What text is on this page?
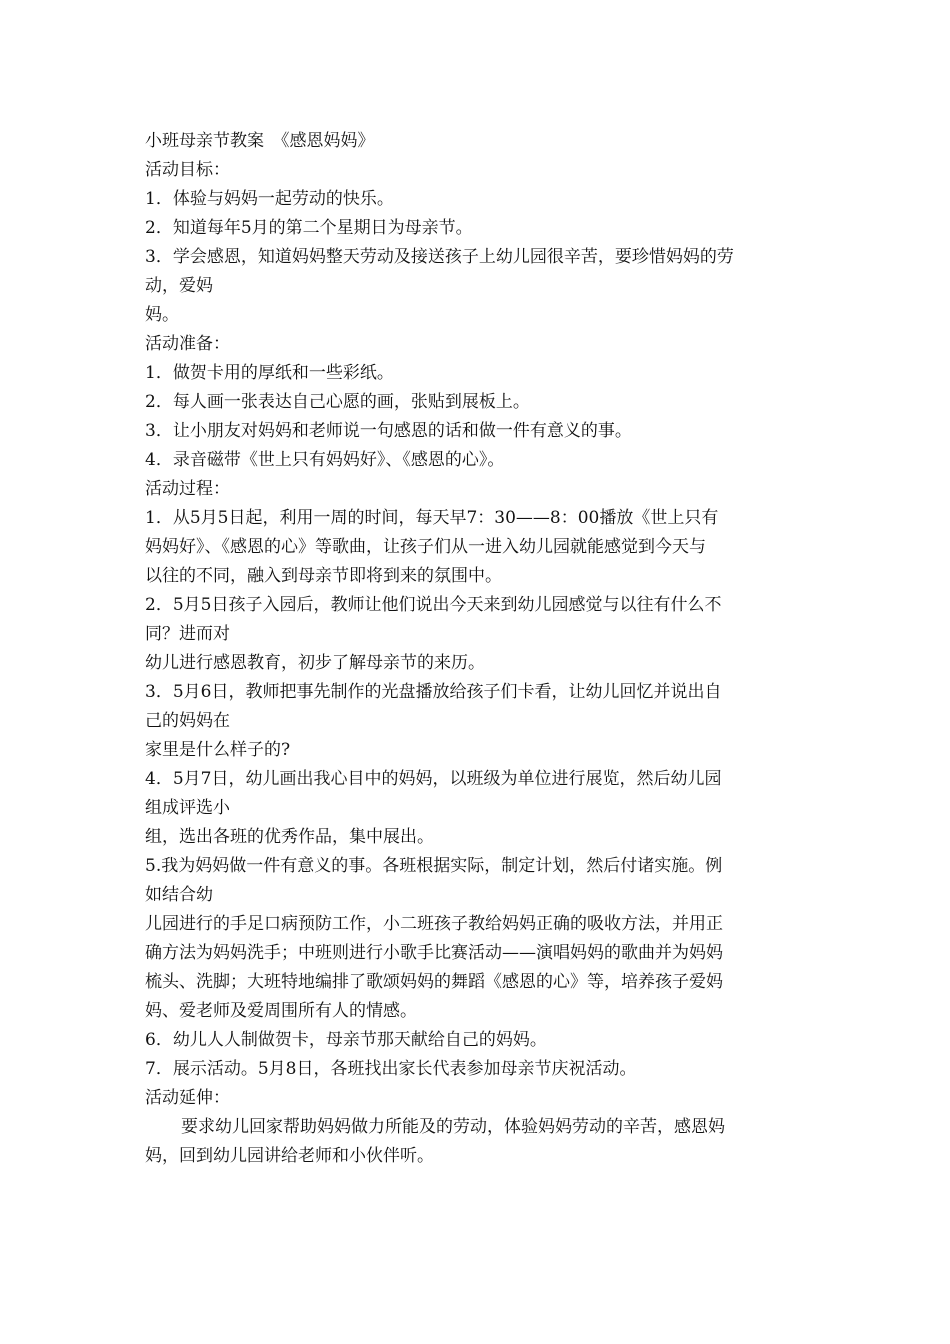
小班母亲节教案　《感恩妈妈》
活动目标：
1．体验与妈妈一起劳动的快乐。
2．知道每年5月的第二个星期日为母亲节。
3．学会感恩，知道妈妈整天劳动及接送孩子上幼儿园很辛苦，要珍惜妈妈的劳
动，爱妈
妈。
活动准备：
1．做贺卡用的厚纸和一些彩纸。
2．每人画一张表达自己心愿的画，张贴到展板上。
3．让小朋友对妈妈和老师说一句感恩的话和做一件有意义的事。
4．录音磁带《世上只有妈妈好》、《感恩的心》。
活动过程：
1．从5月5日起，利用一周的时间，每天早7：30——8：00播放《世上只有
妈妈好》、《感恩的心》等歌曲，让孩子们从一进入幼儿园就能感觉到今天与
以往的不同，融入到母亲节即将到来的氛围中。
2．5月5日孩子入园后，教师让他们说出今天来到幼儿园感觉与以往有什么不
同？进而对
幼儿进行感恩教育，初步了解母亲节的来历。
3．5月6日，教师把事先制作的光盘播放给孩子们卡看，让幼儿回忆并说出自
己的妈妈在
家里是什么样子的?
4．5月7日，幼儿画出我心目中的妈妈，以班级为单位进行展览，然后幼儿园
组成评选小
组，选出各班的优秀作品，集中展出。
5.我为妈妈做一件有意义的事。各班根据实际，制定计划，然后付诸实施。例
如结合幼
儿园进行的手足口病预防工作，小二班孩子教给妈妈正确的吸收方法，并用正
确方法为妈妈洗手；中班则进行小歌手比赛活动——演唱妈妈的歌曲并为妈妈
梳头、洗脚；大班特地编排了歌颂妈妈的舞蹈《感恩的心》等，培养孩子爱妈
妈、爱老师及爱周围所有人的情感。
6．幼儿人人制做贺卡，母亲节那天献给自己的妈妈。
7．展示活动。5月8日，各班找出家长代表参加母亲节庆祝活动。
活动延伸：
要求幼儿回家帮助妈妈做力所能及的劳动，体验妈妈劳动的辛苦，感恩妈
妈，回到幼儿园讲给老师和小伙伴听。
